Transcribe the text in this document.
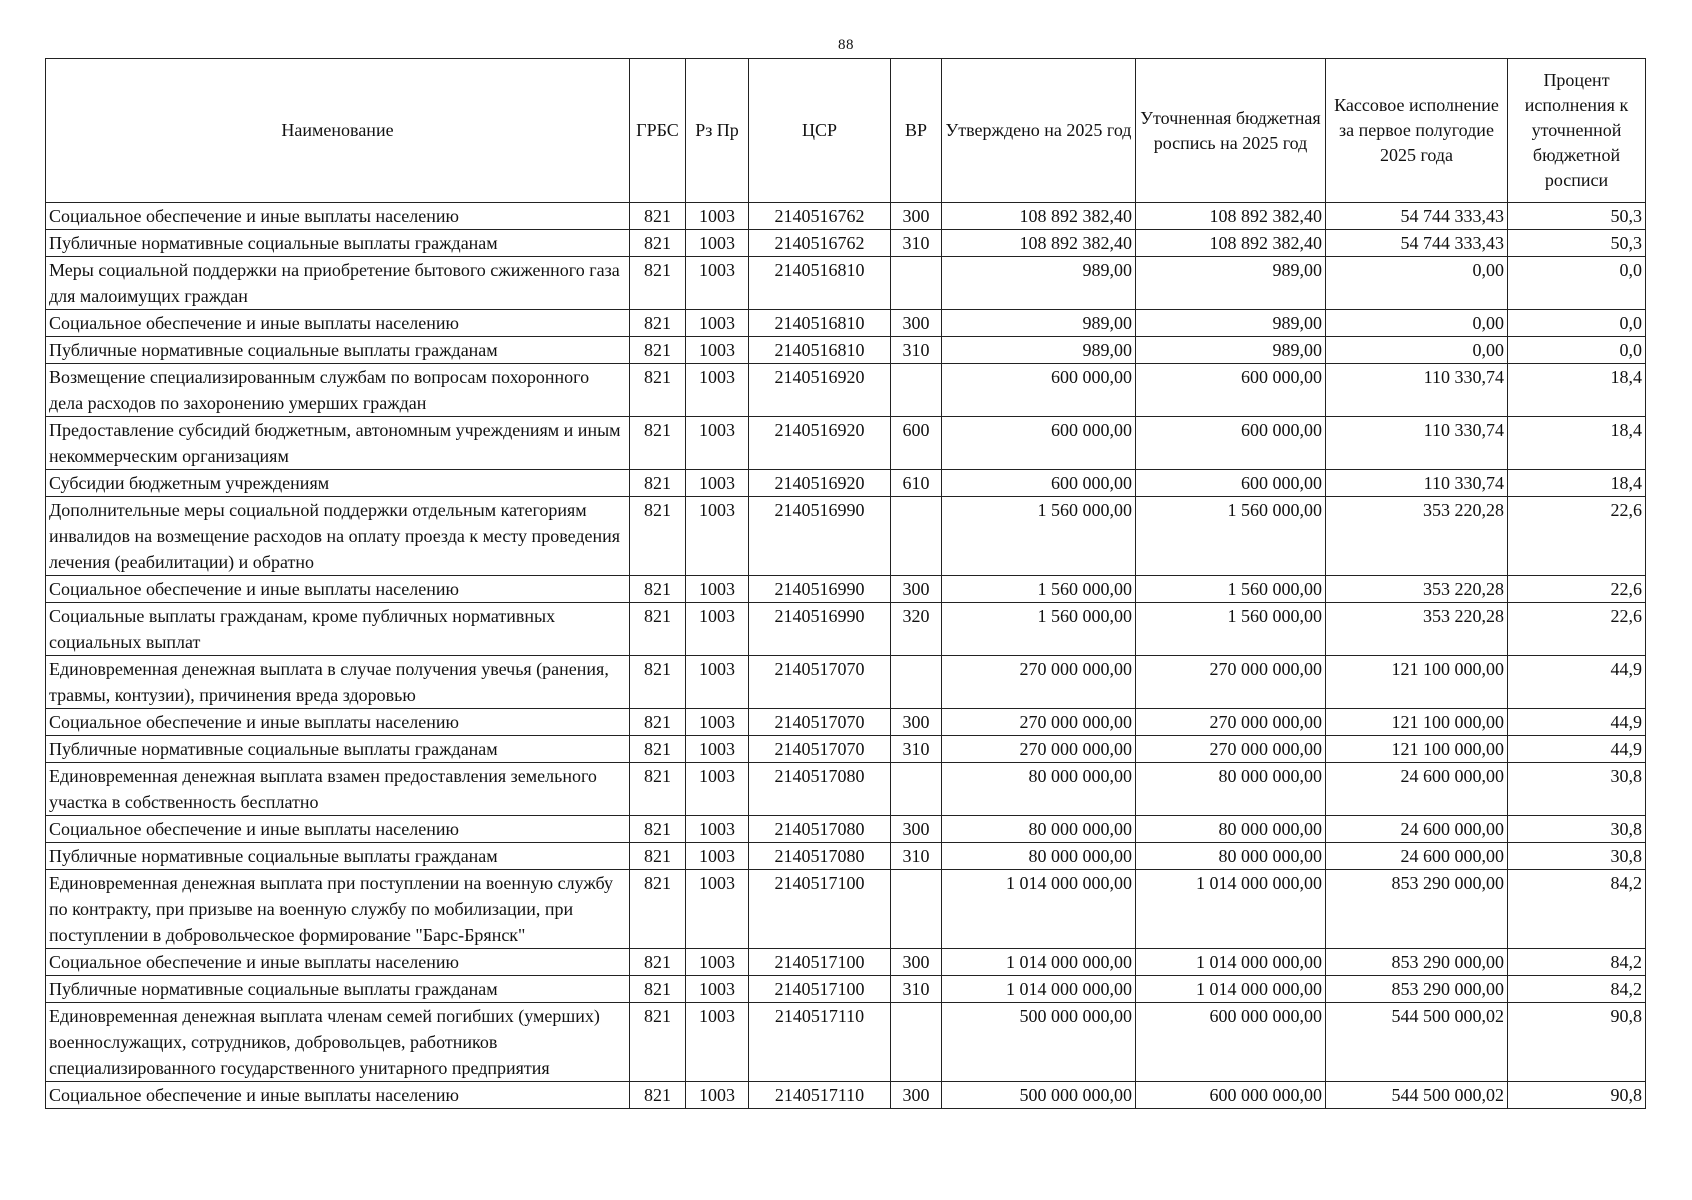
88
Наименование	ГРБС	Рз Пр	ЦСР	ВР	Утверждено на 2025 год	Уточненная бюджетная роспись на 2025 год	Кассовое исполнение за первое полугодие 2025 года	Процент исполнения к уточненной бюджетной росписи
Социальное обеспечение и иные выплаты населению	821	1003	2140516762	300	108 892 382,40	108 892 382,40	54 744 333,43	50,3
Публичные нормативные социальные выплаты гражданам	821	1003	2140516762	310	108 892 382,40	108 892 382,40	54 744 333,43	50,3
Меры социальной поддержки на приобретение бытового сжиженного газа для малоимущих граждан	821	1003	2140516810		989,00	989,00	0,00	0,0
Социальное обеспечение и иные выплаты населению	821	1003	2140516810	300	989,00	989,00	0,00	0,0
Публичные нормативные социальные выплаты гражданам	821	1003	2140516810	310	989,00	989,00	0,00	0,0
Возмещение специализированным службам по вопросам похоронного дела расходов по захоронению умерших граждан	821	1003	2140516920		600 000,00	600 000,00	110 330,74	18,4
Предоставление субсидий бюджетным, автономным учреждениям и иным некоммерческим организациям	821	1003	2140516920	600	600 000,00	600 000,00	110 330,74	18,4
Субсидии бюджетным учреждениям	821	1003	2140516920	610	600 000,00	600 000,00	110 330,74	18,4
Дополнительные меры социальной поддержки отдельным категориям инвалидов на возмещение расходов на оплату проезда к месту проведения лечения (реабилитации) и обратно	821	1003	2140516990		1 560 000,00	1 560 000,00	353 220,28	22,6
Социальное обеспечение и иные выплаты населению	821	1003	2140516990	300	1 560 000,00	1 560 000,00	353 220,28	22,6
Социальные выплаты гражданам, кроме публичных нормативных социальных выплат	821	1003	2140516990	320	1 560 000,00	1 560 000,00	353 220,28	22,6
Единовременная денежная выплата в случае получения увечья (ранения, травмы, контузии), причинения вреда здоровью	821	1003	2140517070		270 000 000,00	270 000 000,00	121 100 000,00	44,9
Социальное обеспечение и иные выплаты населению	821	1003	2140517070	300	270 000 000,00	270 000 000,00	121 100 000,00	44,9
Публичные нормативные социальные выплаты гражданам	821	1003	2140517070	310	270 000 000,00	270 000 000,00	121 100 000,00	44,9
Единовременная денежная выплата взамен предоставления земельного участка в собственность бесплатно	821	1003	2140517080		80 000 000,00	80 000 000,00	24 600 000,00	30,8
Социальное обеспечение и иные выплаты населению	821	1003	2140517080	300	80 000 000,00	80 000 000,00	24 600 000,00	30,8
Публичные нормативные социальные выплаты гражданам	821	1003	2140517080	310	80 000 000,00	80 000 000,00	24 600 000,00	30,8
Единовременная денежная выплата при поступлении на военную службу по контракту, при призыве на военную службу по мобилизации, при поступлении в добровольческое формирование "Барс-Брянск"	821	1003	2140517100		1 014 000 000,00	1 014 000 000,00	853 290 000,00	84,2
Социальное обеспечение и иные выплаты населению	821	1003	2140517100	300	1 014 000 000,00	1 014 000 000,00	853 290 000,00	84,2
Публичные нормативные социальные выплаты гражданам	821	1003	2140517100	310	1 014 000 000,00	1 014 000 000,00	853 290 000,00	84,2
Единовременная денежная выплата членам семей погибших (умерших) военнослужащих, сотрудников, добровольцев, работников специализированного государственного унитарного предприятия	821	1003	2140517110		500 000 000,00	600 000 000,00	544 500 000,02	90,8
Социальное обеспечение и иные выплаты населению	821	1003	2140517110	300	500 000 000,00	600 000 000,00	544 500 000,02	90,8
